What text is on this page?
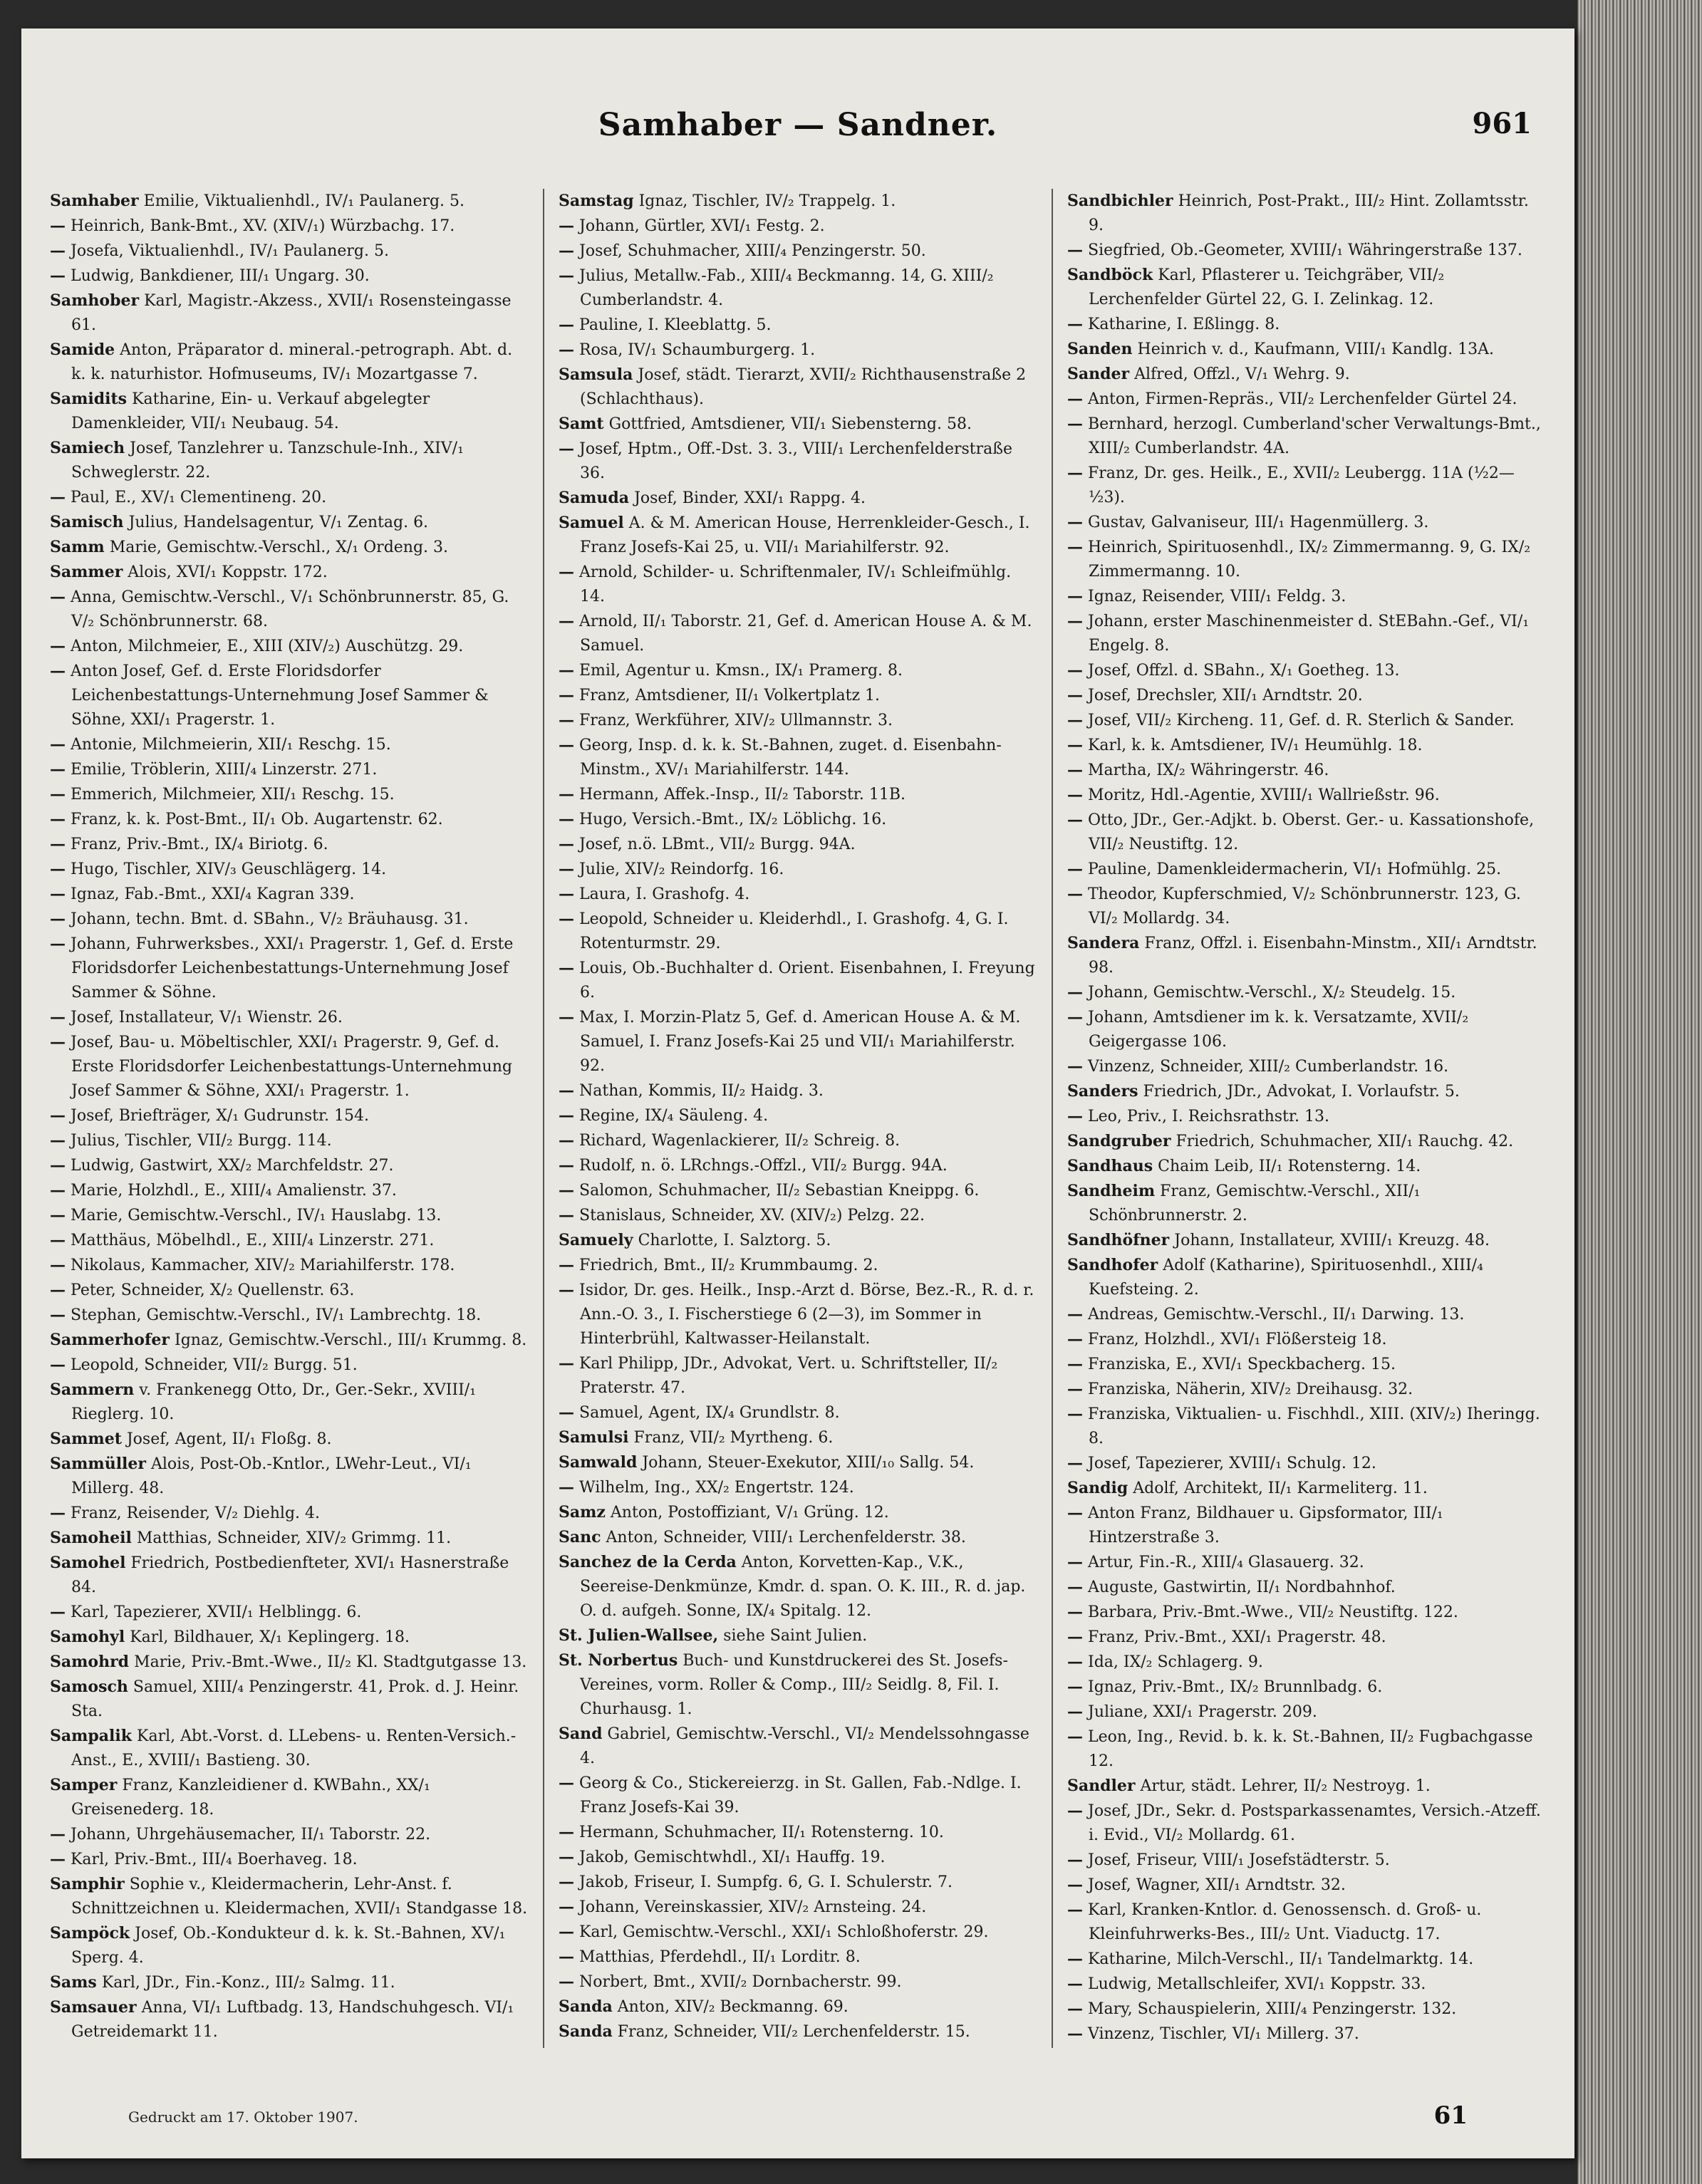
Samhaber — Sandner.	961

Samhaber Emilie, Viktualienhdl., IV/₁ Paulanerg. 5.

— Heinrich, Bank-Bmt., XV. (XIV/₁) Würzbachg. 17.

— Josefa, Viktualienhdl., IV/₁ Paulanerg. 5.

— Ludwig, Bankdiener, III/₁ Ungarg. 30.

Samhober Karl, Magistr.-Akzess., XVII/₁ Rosensteingasse 61.

Samide Anton, Präparator d. mineral.-petrograph. Abt. d. k. k. naturhistor. Hofmuseums, IV/₁ Mozartgasse 7.

Samidits Katharine, Ein- u. Verkauf abgelegter Damenkleider, VII/₁ Neubaug. 54.

Samiech Josef, Tanzlehrer u. Tanzschule-Inh., XIV/₁ Schweglerstr. 22.

— Paul, E., XV/₁ Clementineng. 20.

Samisch Julius, Handelsagentur, V/₁ Zentag. 6.

Samm Marie, Gemischtw.-Verschl., X/₁ Ordeng. 3.

Sammer Alois, XVI/₁ Koppstr. 172.

— Anna, Gemischtw.-Verschl., V/₁ Schönbrunnerstr. 85, G. V/₂ Schönbrunnerstr. 68.

— Anton, Milchmeier, E., XIII (XIV/₂) Auschützg. 29.

— Anton Josef, Gef. d. Erste Floridsdorfer Leichenbestattungs-Unternehmung Josef Sammer & Söhne, XXI/₁ Pragerstr. 1.

— Antonie, Milchmeierin, XII/₁ Reschg. 15.

— Emilie, Tröblerin, XIII/₄ Linzerstr. 271.

— Emmerich, Milchmeier, XII/₁ Reschg. 15.

— Franz, k. k. Post-Bmt., II/₁ Ob. Augartenstr. 62.

— Franz, Priv.-Bmt., IX/₄ Biriotg. 6.

— Hugo, Tischler, XIV/₃ Geuschlägerg. 14.

— Ignaz, Fab.-Bmt., XXI/₄ Kagran 339.

— Johann, techn. Bmt. d. SBahn., V/₂ Bräuhausg. 31.

— Johann, Fuhrwerksbes., XXI/₁ Pragerstr. 1, Gef. d. Erste Floridsdorfer Leichenbestattungs-Unternehmung Josef Sammer & Söhne.

— Josef, Installateur, V/₁ Wienstr. 26.

— Josef, Bau- u. Möbeltischler, XXI/₁ Pragerstr. 9, Gef. d. Erste Floridsdorfer Leichenbestattungs-Unternehmung Josef Sammer & Söhne, XXI/₁ Pragerstr. 1.

— Josef, Briefträger, X/₁ Gudrunstr. 154.

— Julius, Tischler, VII/₂ Burgg. 114.

— Ludwig, Gastwirt, XX/₂ Marchfeldstr. 27.

— Marie, Holzhdl., E., XIII/₄ Amalienstr. 37.

— Marie, Gemischtw.-Verschl., IV/₁ Hauslabg. 13.

— Matthäus, Möbelhdl., E., XIII/₄ Linzerstr. 271.

— Nikolaus, Kammacher, XIV/₂ Mariahilferstr. 178.

— Peter, Schneider, X/₂ Quellenstr. 63.

— Stephan, Gemischtw.-Verschl., IV/₁ Lambrechtg. 18.

Sammerhofer Ignaz, Gemischtw.-Verschl., III/₁ Krummg. 8.

— Leopold, Schneider, VII/₂ Burgg. 51.

Sammern v. Frankenegg Otto, Dr., Ger.-Sekr., XVIII/₁ Rieglerg. 10.

Sammet Josef, Agent, II/₁ Floßg. 8.

Sammüller Alois, Post-Ob.-Kntlor., LWehr-Leut., VI/₁ Millerg. 48.

— Franz, Reisender, V/₂ Diehlg. 4.

Samoheil Matthias, Schneider, XIV/₂ Grimmg. 11.

Samohel Friedrich, Postbedienfteter, XVI/₁ Hasnerstraße 84.

— Karl, Tapezierer, XVII/₁ Helblingg. 6.

Samohyl Karl, Bildhauer, X/₁ Keplingerg. 18.

Samohrd Marie, Priv.-Bmt.-Wwe., II/₂ Kl. Stadtgutgasse 13.

Samosch Samuel, XIII/₄ Penzingerstr. 41, Prok. d. J. Heinr. Sta.

Sampalik Karl, Abt.-Vorst. d. LLebens- u. Renten-Versich.-Anst., E., XVIII/₁ Bastieng. 30.

Samper Franz, Kanzleidiener d. KWBahn., XX/₁ Greisenederg. 18.

— Johann, Uhrgehäusemacher, II/₁ Taborstr. 22.

— Karl, Priv.-Bmt., III/₄ Boerhaveg. 18.

Samphir Sophie v., Kleidermacherin, Lehr-Anst. f. Schnittzeichnen u. Kleidermachen, XVII/₁ Standgasse 18.

Sampöck Josef, Ob.-Kondukteur d. k. k. St.-Bahnen, XV/₁ Sperg. 4.

Sams Karl, JDr., Fin.-Konz., III/₂ Salmg. 11.

Samsauer Anna, VI/₁ Luftbadg. 13, Handschuhgesch. VI/₁ Getreidemarkt 11.

Samstag Ignaz, Tischler, IV/₂ Trappelg. 1.

— Johann, Gürtler, XVI/₁ Festg. 2.

— Josef, Schuhmacher, XIII/₄ Penzingerstr. 50.

— Julius, Metallw.-Fab., XIII/₄ Beckmanng. 14, G. XIII/₂ Cumberlandstr. 4.

— Pauline, I. Kleeblattg. 5.

— Rosa, IV/₁ Schaumburgerg. 1.

Samsula Josef, städt. Tierarzt, XVII/₂ Richthausenstraße 2 (Schlachthaus).

Samt Gottfried, Amtsdiener, VII/₁ Siebensterng. 58.

— Josef, Hptm., Off.-Dst. 3. 3., VIII/₁ Lerchenfelderstraße 36.

Samuda Josef, Binder, XXI/₁ Rappg. 4.

Samuel A. & M. American House, Herrenkleider-Gesch., I. Franz Josefs-Kai 25, u. VII/₁ Mariahilferstr. 92.

— Arnold, Schilder- u. Schriftenmaler, IV/₁ Schleifmühlg. 14.

— Arnold, II/₁ Taborstr. 21, Gef. d. American House A. & M. Samuel.

— Emil, Agentur u. Kmsn., IX/₁ Pramerg. 8.

— Franz, Amtsdiener, II/₁ Volkertplatz 1.

— Franz, Werkführer, XIV/₂ Ullmannstr. 3.

— Georg, Insp. d. k. k. St.-Bahnen, zuget. d. Eisenbahn-Minstm., XV/₁ Mariahilferstr. 144.

— Hermann, Affek.-Insp., II/₂ Taborstr. 11B.

— Hugo, Versich.-Bmt., IX/₂ Löblichg. 16.

— Josef, n.ö. LBmt., VII/₂ Burgg. 94A.

— Julie, XIV/₂ Reindorfg. 16.

— Laura, I. Grashofg. 4.

— Leopold, Schneider u. Kleiderhdl., I. Grashofg. 4, G. I. Rotenturmstr. 29.

— Louis, Ob.-Buchhalter d. Orient. Eisenbahnen, I. Freyung 6.

— Max, I. Morzin-Platz 5, Gef. d. American House A. & M. Samuel, I. Franz Josefs-Kai 25 und VII/₁ Mariahilferstr. 92.

— Nathan, Kommis, II/₂ Haidg. 3.

— Regine, IX/₄ Säuleng. 4.

— Richard, Wagenlackierer, II/₂ Schreig. 8.

— Rudolf, n. ö. LRchngs.-Offzl., VII/₂ Burgg. 94A.

— Salomon, Schuhmacher, II/₂ Sebastian Kneippg. 6.

— Stanislaus, Schneider, XV. (XIV/₂) Pelzg. 22.

Samuely Charlotte, I. Salztorg. 5.

— Friedrich, Bmt., II/₂ Krummbaumg. 2.

— Isidor, Dr. ges. Heilk., Insp.-Arzt d. Börse, Bez.-R., R. d. r. Ann.-O. 3., I. Fischerstiege 6 (2—3), im Sommer in Hinterbrühl, Kaltwasser-Heilanstalt.

— Karl Philipp, JDr., Advokat, Vert. u. Schriftsteller, II/₂ Praterstr. 47.

— Samuel, Agent, IX/₄ Grundlstr. 8.

Samulsi Franz, VII/₂ Myrtheng. 6.

Samwald Johann, Steuer-Exekutor, XIII/₁₀ Sallg. 54.

— Wilhelm, Ing., XX/₂ Engertstr. 124.

Samz Anton, Postoffiziant, V/₁ Grüng. 12.

Sanc Anton, Schneider, VIII/₁ Lerchenfelderstr. 38.

Sanchez de la Cerda Anton, Korvetten-Kap., V.K., Seereise-Denkmünze, Kmdr. d. span. O. K. III., R. d. jap. O. d. aufgeh. Sonne, IX/₄ Spitalg. 12.

St. Julien-Wallsee, siehe Saint Julien.

St. Norbertus Buch- und Kunstdruckerei des St. Josefs-Vereines, vorm. Roller & Comp., III/₂ Seidlg. 8, Fil. I. Churhausg. 1.

Sand Gabriel, Gemischtw.-Verschl., VI/₂ Mendelssohngasse 4.

— Georg & Co., Stickereierzg. in St. Gallen, Fab.-Ndlge. I. Franz Josefs-Kai 39.

— Hermann, Schuhmacher, II/₁ Rotensterng. 10.

— Jakob, Gemischtwhdl., XI/₁ Hauffg. 19.

— Jakob, Friseur, I. Sumpfg. 6, G. I. Schulerstr. 7.

— Johann, Vereinskassier, XIV/₂ Arnsteing. 24.

— Karl, Gemischtw.-Verschl., XXI/₁ Schloßhoferstr. 29.

— Matthias, Pferdehdl., II/₁ Lorditr. 8.

— Norbert, Bmt., XVII/₂ Dornbacherstr. 99.

Sanda Anton, XIV/₂ Beckmanng. 69.

Sanda Franz, Schneider, VII/₂ Lerchenfelderstr. 15.

Sandbichler Heinrich, Post-Prakt., III/₂ Hint. Zollamtsstr. 9.

— Siegfried, Ob.-Geometer, XVIII/₁ Währingerstraße 137.

Sandböck Karl, Pflasterer u. Teichgräber, VII/₂ Lerchenfelder Gürtel 22, G. I. Zelinkag. 12.

— Katharine, I. Eßlingg. 8.

Sanden Heinrich v. d., Kaufmann, VIII/₁ Kandlg. 13A.

Sander Alfred, Offzl., V/₁ Wehrg. 9.

— Anton, Firmen-Repräs., VII/₂ Lerchenfelder Gürtel 24.

— Bernhard, herzogl. Cumberland'scher Verwaltungs-Bmt., XIII/₂ Cumberlandstr. 4A.

— Franz, Dr. ges. Heilk., E., XVII/₂ Leubergg. 11A (½2—½3).

— Gustav, Galvaniseur, III/₁ Hagenmüllerg. 3.

— Heinrich, Spirituosenhdl., IX/₂ Zimmermanng. 9, G. IX/₂ Zimmermanng. 10.

— Ignaz, Reisender, VIII/₁ Feldg. 3.

— Johann, erster Maschinenmeister d. StEBahn.-Gef., VI/₁ Engelg. 8.

— Josef, Offzl. d. SBahn., X/₁ Goetheg. 13.

— Josef, Drechsler, XII/₁ Arndtstr. 20.

— Josef, VII/₂ Kircheng. 11, Gef. d. R. Sterlich & Sander.

— Karl, k. k. Amtsdiener, IV/₁ Heumühlg. 18.

— Martha, IX/₂ Währingerstr. 46.

— Moritz, Hdl.-Agentie, XVIII/₁ Wallrießstr. 96.

— Otto, JDr., Ger.-Adjkt. b. Oberst. Ger.- u. Kassationshofe, VII/₂ Neustiftg. 12.

— Pauline, Damenkleidermacherin, VI/₁ Hofmühlg. 25.

— Theodor, Kupferschmied, V/₂ Schönbrunnerstr. 123, G. VI/₂ Mollardg. 34.

Sandera Franz, Offzl. i. Eisenbahn-Minstm., XII/₁ Arndtstr. 98.

— Johann, Gemischtw.-Verschl., X/₂ Steudelg. 15.

— Johann, Amtsdiener im k. k. Versatzamte, XVII/₂ Geigergasse 106.

— Vinzenz, Schneider, XIII/₂ Cumberlandstr. 16.

Sanders Friedrich, JDr., Advokat, I. Vorlaufstr. 5.

— Leo, Priv., I. Reichsrathstr. 13.

Sandgruber Friedrich, Schuhmacher, XII/₁ Rauchg. 42.

Sandhaus Chaim Leib, II/₁ Rotensterng. 14.

Sandheim Franz, Gemischtw.-Verschl., XII/₁ Schönbrunnerstr. 2.

Sandhöfner Johann, Installateur, XVIII/₁ Kreuzg. 48.

Sandhofer Adolf (Katharine), Spirituosenhdl., XIII/₄ Kuefsteing. 2.

— Andreas, Gemischtw.-Verschl., II/₁ Darwing. 13.

— Franz, Holzhdl., XVI/₁ Flößersteig 18.

— Franziska, E., XVI/₁ Speckbacherg. 15.

— Franziska, Näherin, XIV/₂ Dreihausg. 32.

— Franziska, Viktualien- u. Fischhdl., XIII. (XIV/₂) Iheringg. 8.

— Josef, Tapezierer, XVIII/₁ Schulg. 12.

Sandig Adolf, Architekt, II/₁ Karmeliterg. 11.

— Anton Franz, Bildhauer u. Gipsformator, III/₁ Hintzerstraße 3.

— Artur, Fin.-R., XIII/₄ Glasauerg. 32.

— Auguste, Gastwirtin, II/₁ Nordbahnhof.

— Barbara, Priv.-Bmt.-Wwe., VII/₂ Neustiftg. 122.

— Franz, Priv.-Bmt., XXI/₁ Pragerstr. 48.

— Ida, IX/₂ Schlagerg. 9.

— Ignaz, Priv.-Bmt., IX/₂ Brunnlbadg. 6.

— Juliane, XXI/₁ Pragerstr. 209.

— Leon, Ing., Revid. b. k. k. St.-Bahnen, II/₂ Fugbachgasse 12.

Sandler Artur, städt. Lehrer, II/₂ Nestroyg. 1.

— Josef, JDr., Sekr. d. Postsparkassenamtes, Versich.-Atzeff. i. Evid., VI/₂ Mollardg. 61.

— Josef, Friseur, VIII/₁ Josefstädterstr. 5.

— Josef, Wagner, XII/₁ Arndtstr. 32.

— Karl, Kranken-Kntlor. d. Genossensch. d. Groß- u. Kleinfuhrwerks-Bes., III/₂ Unt. Viaductg. 17.

— Katharine, Milch-Verschl., II/₁ Tandelmarktg. 14.

— Ludwig, Metallschleifer, XVI/₁ Koppstr. 33.

— Mary, Schauspielerin, XIII/₄ Penzingerstr. 132.

— Vinzenz, Tischler, VI/₁ Millerg. 37.

Gedruckt am 17. Oktober 1907.	61
